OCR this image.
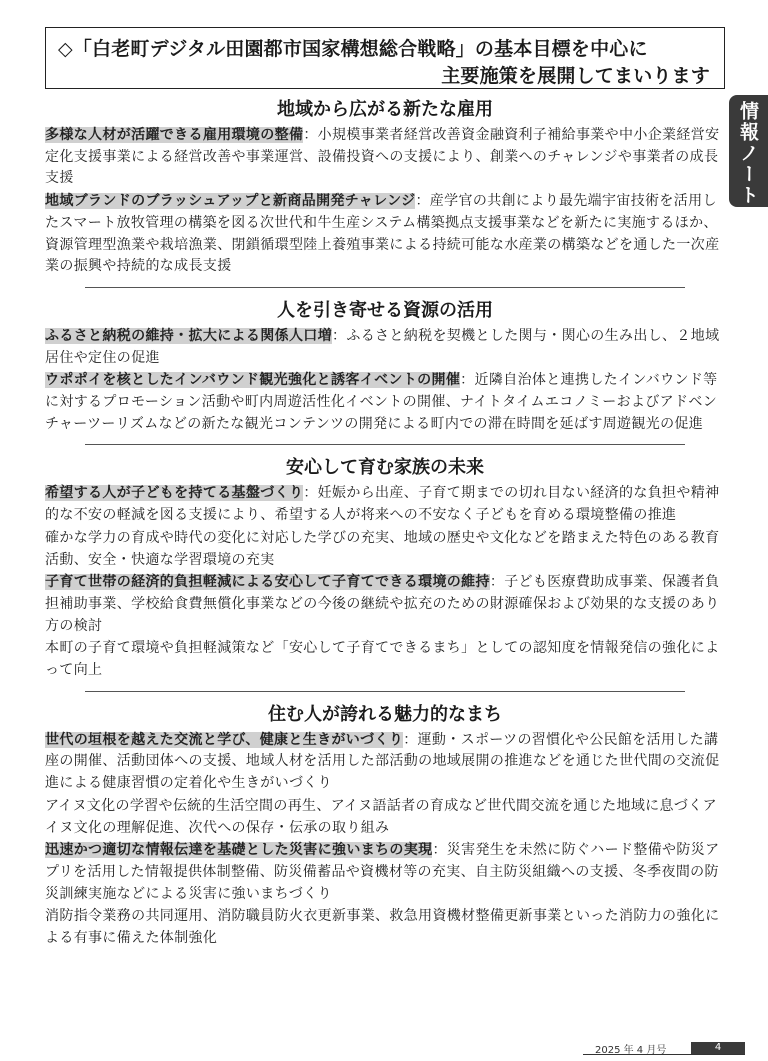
◇「白老町デジタル田園都市国家構想総合戦略」の基本目標を中心に
主要施策を展開してまいります
情報ノート
地域から広がる新たな雇用

多様な人材が活躍できる雇用環境の整備：小規模事業者経営改善資金融資利子補給事業や中小企業経営安定化支援事業による経営改善や事業運営、設備投資への支援により、創業へのチャレンジや事業者の成長支援

地域ブランドのブラッシュアップと新商品開発チャレンジ：産学官の共創により最先端宇宙技術を活用したスマート放牧管理の構築を図る次世代和牛生産システム構築拠点支援事業などを新たに実施するほか、資源管理型漁業や栽培漁業、閉鎖循環型陸上養殖事業による持続可能な水産業の構築などを通した一次産業の振興や持続的な成長支援

人を引き寄せる資源の活用

ふるさと納税の維持・拡大による関係人口増：ふるさと納税を契機とした関与・関心の生み出し、２地域居住や定住の促進

ウポポイを核としたインバウンド観光強化と誘客イベントの開催：近隣自治体と連携したインバウンド等に対するプロモーション活動や町内周遊活性化イベントの開催、ナイトタイムエコノミーおよびアドベンチャーツーリズムなどの新たな観光コンテンツの開発による町内での滞在時間を延ばす周遊観光の促進

安心して育む家族の未来

希望する人が子どもを持てる基盤づくり：妊娠から出産、子育て期までの切れ目ない経済的な負担や精神的な不安の軽減を図る支援により、希望する人が将来への不安なく子どもを育める環境整備の推進

確かな学力の育成や時代の変化に対応した学びの充実、地域の歴史や文化などを踏まえた特色のある教育活動、安全・快適な学習環境の充実

子育て世帯の経済的負担軽減による安心して子育てできる環境の維持：子ども医療費助成事業、保護者負担補助事業、学校給食費無償化事業などの今後の継続や拡充のための財源確保および効果的な支援のあり方の検討

本町の子育て環境や負担軽減策など「安心して子育てできるまち」としての認知度を情報発信の強化によって向上

住む人が誇れる魅力的なまち

世代の垣根を越えた交流と学び、健康と生きがいづくり：運動・スポーツの習慣化や公民館を活用した講座の開催、活動団体への支援、地域人材を活用した部活動の地域展開の推進などを通じた世代間の交流促進による健康習慣の定着化や生きがいづくり

アイヌ文化の学習や伝統的生活空間の再生、アイヌ語話者の育成など世代間交流を通じた地域に息づくアイヌ文化の理解促進、次代への保存・伝承の取り組み

迅速かつ適切な情報伝達を基礎とした災害に強いまちの実現：災害発生を未然に防ぐハード整備や防災アプリを活用した情報提供体制整備、防災備蓄品や資機材等の充実、自主防災組織への支援、冬季夜間の防災訓練実施などによる災害に強いまちづくり

消防指令業務の共同運用、消防職員防火衣更新事業、救急用資機材整備更新事業といった消防力の強化による有事に備えた体制強化

2025 年 4 月号	4
